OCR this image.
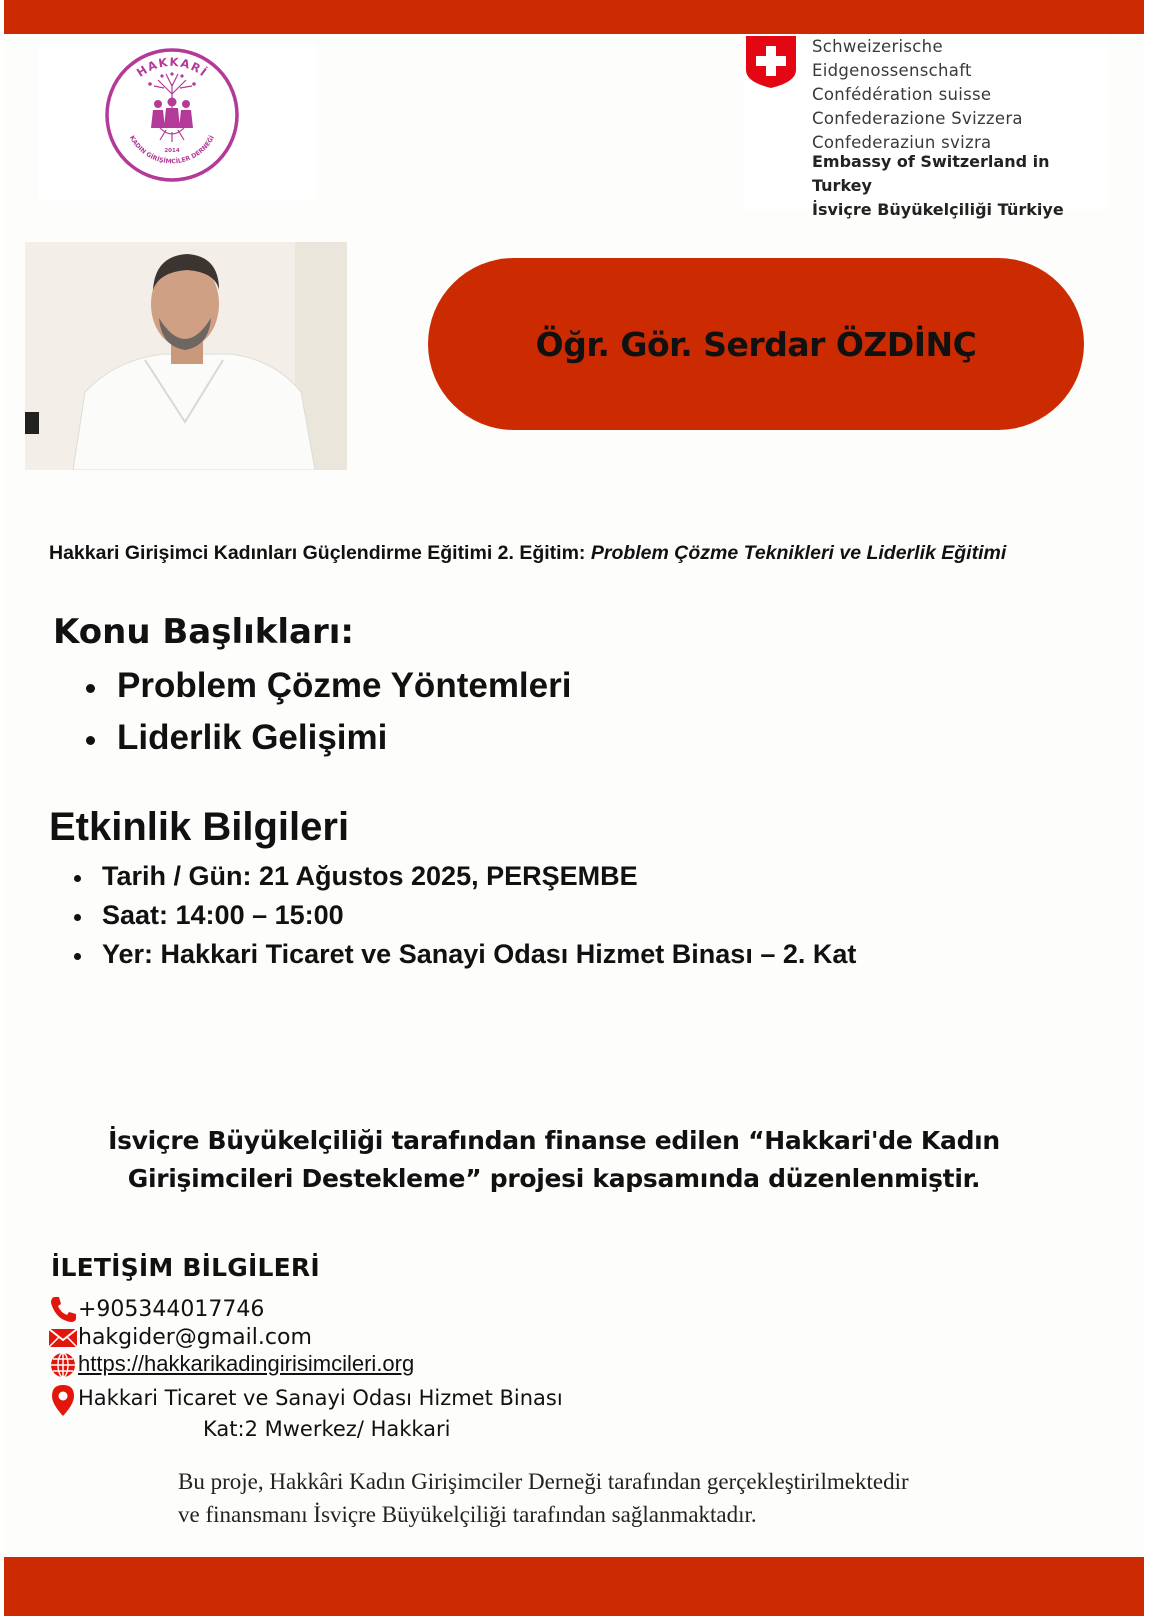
HAKKARİ
KADIN GİRİŞİMCİLER DERNEĞİ
2014
Schweizerische Eidgenossenschaft
Confédération suisse
Confederazione Svizzera
Confederaziun svizra
Embassy of Switzerland in Turkey
İsviçre Büyükelçiliği Türkiye
Öğr. Gör. Serdar ÖZDİNÇ
Hakkari Girişimci Kadınları Güçlendirme Eğitimi 2. Eğitim: Problem Çözme Teknikleri ve Liderlik Eğitimi
Konu Başlıkları:
Problem Çözme Yöntemleri
Liderlik Gelişimi
Etkinlik Bilgileri
Tarih / Gün: 21 Ağustos 2025, PERŞEMBE
Saat: 14:00 – 15:00
Yer: Hakkari Ticaret ve Sanayi Odası Hizmet Binası – 2. Kat
İsviçre Büyükelçiliği tarafından finanse edilen “Hakkari'de Kadın
Girişimcileri Destekleme” projesi kapsamında düzenlenmiştir.
İLETİŞİM BİLGİLERİ
+905344017746
hakgider@gmail.com
https://hakkarikadingirisimcileri.org
Hakkari Ticaret ve Sanayi Odası Hizmet Binası
Kat:2 Mwerkez/ Hakkari
Bu proje, Hakkâri Kadın Girişimciler Derneği tarafından gerçekleştirilmektedir
ve finansmanı İsviçre Büyükelçiliği tarafından sağlanmaktadır.
